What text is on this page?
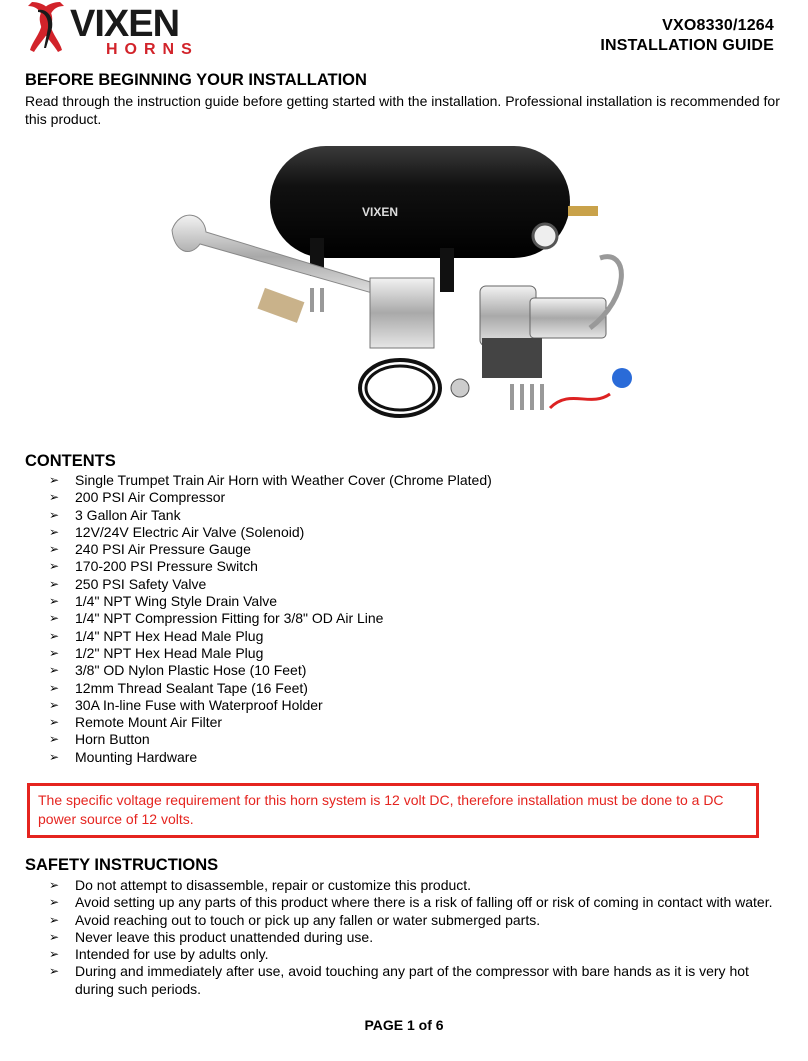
VIXEN
HORNS
VXO8330/1264
INSTALLATION GUIDE
BEFORE BEGINNING YOUR INSTALLATION
Read through the instruction guide before getting started with the installation. Professional installation is recommended for this product.
VIXEN
CONTENTS
➢ Single Trumpet Train Air Horn with Weather Cover (Chrome Plated)
➢ 200 PSI Air Compressor
➢ 3 Gallon Air Tank
➢ 12V/24V Electric Air Valve (Solenoid)
➢ 240 PSI Air Pressure Gauge
➢ 170-200 PSI Pressure Switch
➢ 250 PSI Safety Valve
➢ 1/4" NPT Wing Style Drain Valve
➢ 1/4" NPT Compression Fitting for 3/8" OD Air Line
➢ 1/4" NPT Hex Head Male Plug
➢ 1/2" NPT Hex Head Male Plug
➢ 3/8" OD Nylon Plastic Hose (10 Feet)
➢ 12mm Thread Sealant Tape (16 Feet)
➢ 30A In-line Fuse with Waterproof Holder
➢ Remote Mount Air Filter
➢ Horn Button
➢ Mounting Hardware
The specific voltage requirement for this horn system is 12 volt DC, therefore installation must be done to a DC power source of 12 volts.
SAFETY INSTRUCTIONS
➢ Do not attempt to disassemble, repair or customize this product.
➢ Avoid setting up any parts of this product where there is a risk of falling off or risk of coming in contact with water.
➢ Avoid reaching out to touch or pick up any fallen or water submerged parts.
➢ Never leave this product unattended during use.
➢ Intended for use by adults only.
➢ During and immediately after use, avoid touching any part of the compressor with bare hands as it is very hot during such periods.
PAGE 1 of 6
